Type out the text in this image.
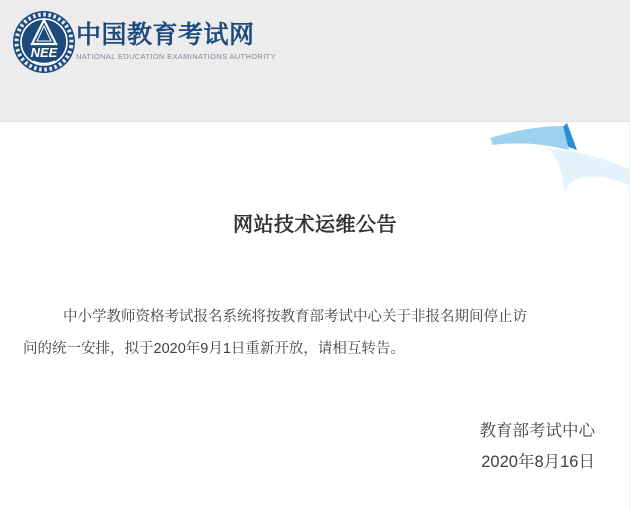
NEE
中国教育考试网
NATIONAL EDUCATION EXAMINATIONS AUTHORITY
网站技术运维公告
中小学教师资格考试报名系统将按教育部考试中心关于非报名期间停止访
问的统一安排，拟于2020年9月1日重新开放，请相互转告。
教育部考试中心
2020年8月16日
